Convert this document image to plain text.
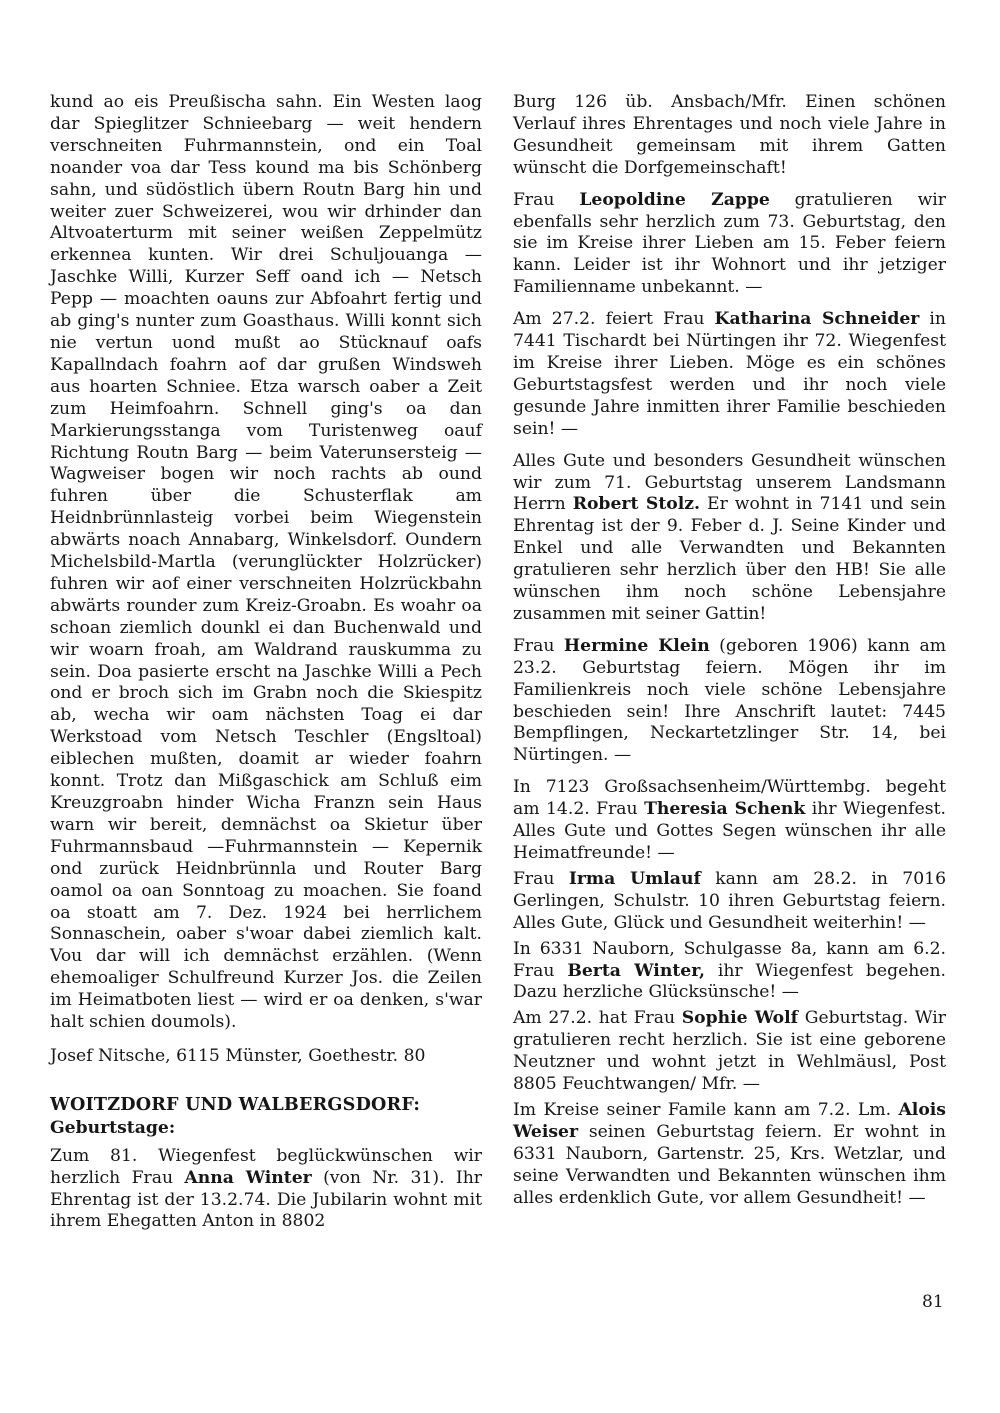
kund ao eis Preußischa sahn. Ein Westen laog dar Spieglitzer Schnieebarg — weit hendern verschneiten Fuhrmannstein, ond ein Toal noander voa dar Tess kound ma bis Schönberg sahn, und südöstlich übern Routn Barg hin und weiter zuer Schweizerei, wou wir drhinder dan Altvoaterturm mit seiner weißen Zeppelmütz erkennea kunten. Wir drei Schuljouanga — Jaschke Willi, Kurzer Seff oand ich — Netsch Pepp — moachten oauns zur Abfoahrt fertig und ab ging's nunter zum Goasthaus. Willi konnt sich nie vertun uond mußt ao Stücknauf oafs Kapallndach foahrn aof dar grußen Windsweh aus hoarten Schniee. Etza warsch oaber a Zeit zum Heimfoahrn. Schnell ging's oa dan Markierungsstanga vom Turistenweg oauf Richtung Routn Barg — beim Vaterunsersteig — Wagweiser bogen wir noch rachts ab ound fuhren über die Schusterflak am Heidnbrünnlasteig vorbei beim Wiegenstein abwärts noach Annabarg, Winkelsdorf. Oundern Michelsbild-Martla (verunglückter Holzrücker) fuhren wir aof einer verschneiten Holzrückbahn abwärts rounder zum Kreiz-Groabn. Es woahr oa schoan ziemlich dounkl ei dan Buchenwald und wir woarn froah, am Waldrand rauskumma zu sein. Doa pasierte erscht na Jaschke Willi a Pech ond er broch sich im Grabn noch die Skiespitz ab, wecha wir oam nächsten Toag ei dar Werkstoad vom Netsch Teschler (Engsltoal) eiblechen mußten, doamit ar wieder foahrn konnt. Trotz dan Mißgaschick am Schluß eim Kreuzgroabn hinder Wicha Franzn sein Haus warn wir bereit, demnächst oa Skietur über Fuhrmannsbaud —Fuhrmannstein — Kepernik ond zurück Heidnbrünnla und Router Barg oamol oa oan Sonntoag zu moachen. Sie foand oa stoatt am 7. Dez. 1924 bei herrlichem Sonnaschein, oaber s'woar dabei ziemlich kalt. Vou dar will ich demnächst erzählen. (Wenn ehemoaliger Schulfreund Kurzer Jos. die Zeilen im Heimatboten liest — wird er oa denken, s'war halt schien doumols).

Josef Nitsche, 6115 Münster, Goethestr. 80

WOITZDORF UND WALBERGSDORF:
Geburtstage:

Zum 81. Wiegenfest beglückwünschen wir herzlich Frau Anna Winter (von Nr. 31). Ihr Ehrentag ist der 13.2.74. Die Jubilarin wohnt mit ihrem Ehegatten Anton in 8802

Burg 126 üb. Ansbach/Mfr. Einen schönen Verlauf ihres Ehrentages und noch viele Jahre in Gesundheit gemeinsam mit ihrem Gatten wünscht die Dorfgemeinschaft!

Frau Leopoldine Zappe gratulieren wir ebenfalls sehr herzlich zum 73. Geburtstag, den sie im Kreise ihrer Lieben am 15. Feber feiern kann. Leider ist ihr Wohnort und ihr jetziger Familienname unbekannt. —

Am 27.2. feiert Frau Katharina Schneider in 7441 Tischardt bei Nürtingen ihr 72. Wiegenfest im Kreise ihrer Lieben. Möge es ein schönes Geburtstagsfest werden und ihr noch viele gesunde Jahre inmitten ihrer Familie beschieden sein! —

Alles Gute und besonders Gesundheit wünschen wir zum 71. Geburtstag unserem Landsmann Herrn Robert Stolz. Er wohnt in 7141 und sein Ehrentag ist der 9. Feber d. J. Seine Kinder und Enkel und alle Verwandten und Bekannten gratulieren sehr herzlich über den HB! Sie alle wünschen ihm noch schöne Lebensjahre zusammen mit seiner Gattin!

Frau Hermine Klein (geboren 1906) kann am 23.2. Geburtstag feiern. Mögen ihr im Familienkreis noch viele schöne Lebensjahre beschieden sein! Ihre Anschrift lautet: 7445 Bempflingen, Neckartetzlinger Str. 14, bei Nürtingen. —

In 7123 Großsachsenheim/Württembg. begeht am 14.2. Frau Theresia Schenk ihr Wiegenfest. Alles Gute und Gottes Segen wünschen ihr alle Heimatfreunde! —

Frau Irma Umlauf kann am 28.2. in 7016 Gerlingen, Schulstr. 10 ihren Geburtstag feiern. Alles Gute, Glück und Gesundheit weiterhin! —

In 6331 Nauborn, Schulgasse 8a, kann am 6.2. Frau Berta Winter, ihr Wiegenfest begehen. Dazu herzliche Glücksünsche! —

Am 27.2. hat Frau Sophie Wolf Geburtstag. Wir gratulieren recht herzlich. Sie ist eine geborene Neutzner und wohnt jetzt in Wehlmäusl, Post 8805 Feuchtwangen/ Mfr. —

Im Kreise seiner Famile kann am 7.2. Lm. Alois Weiser seinen Geburtstag feiern. Er wohnt in 6331 Nauborn, Gartenstr. 25, Krs. Wetzlar, und seine Verwandten und Bekannten wünschen ihm alles erdenklich Gute, vor allem Gesundheit! —

81
